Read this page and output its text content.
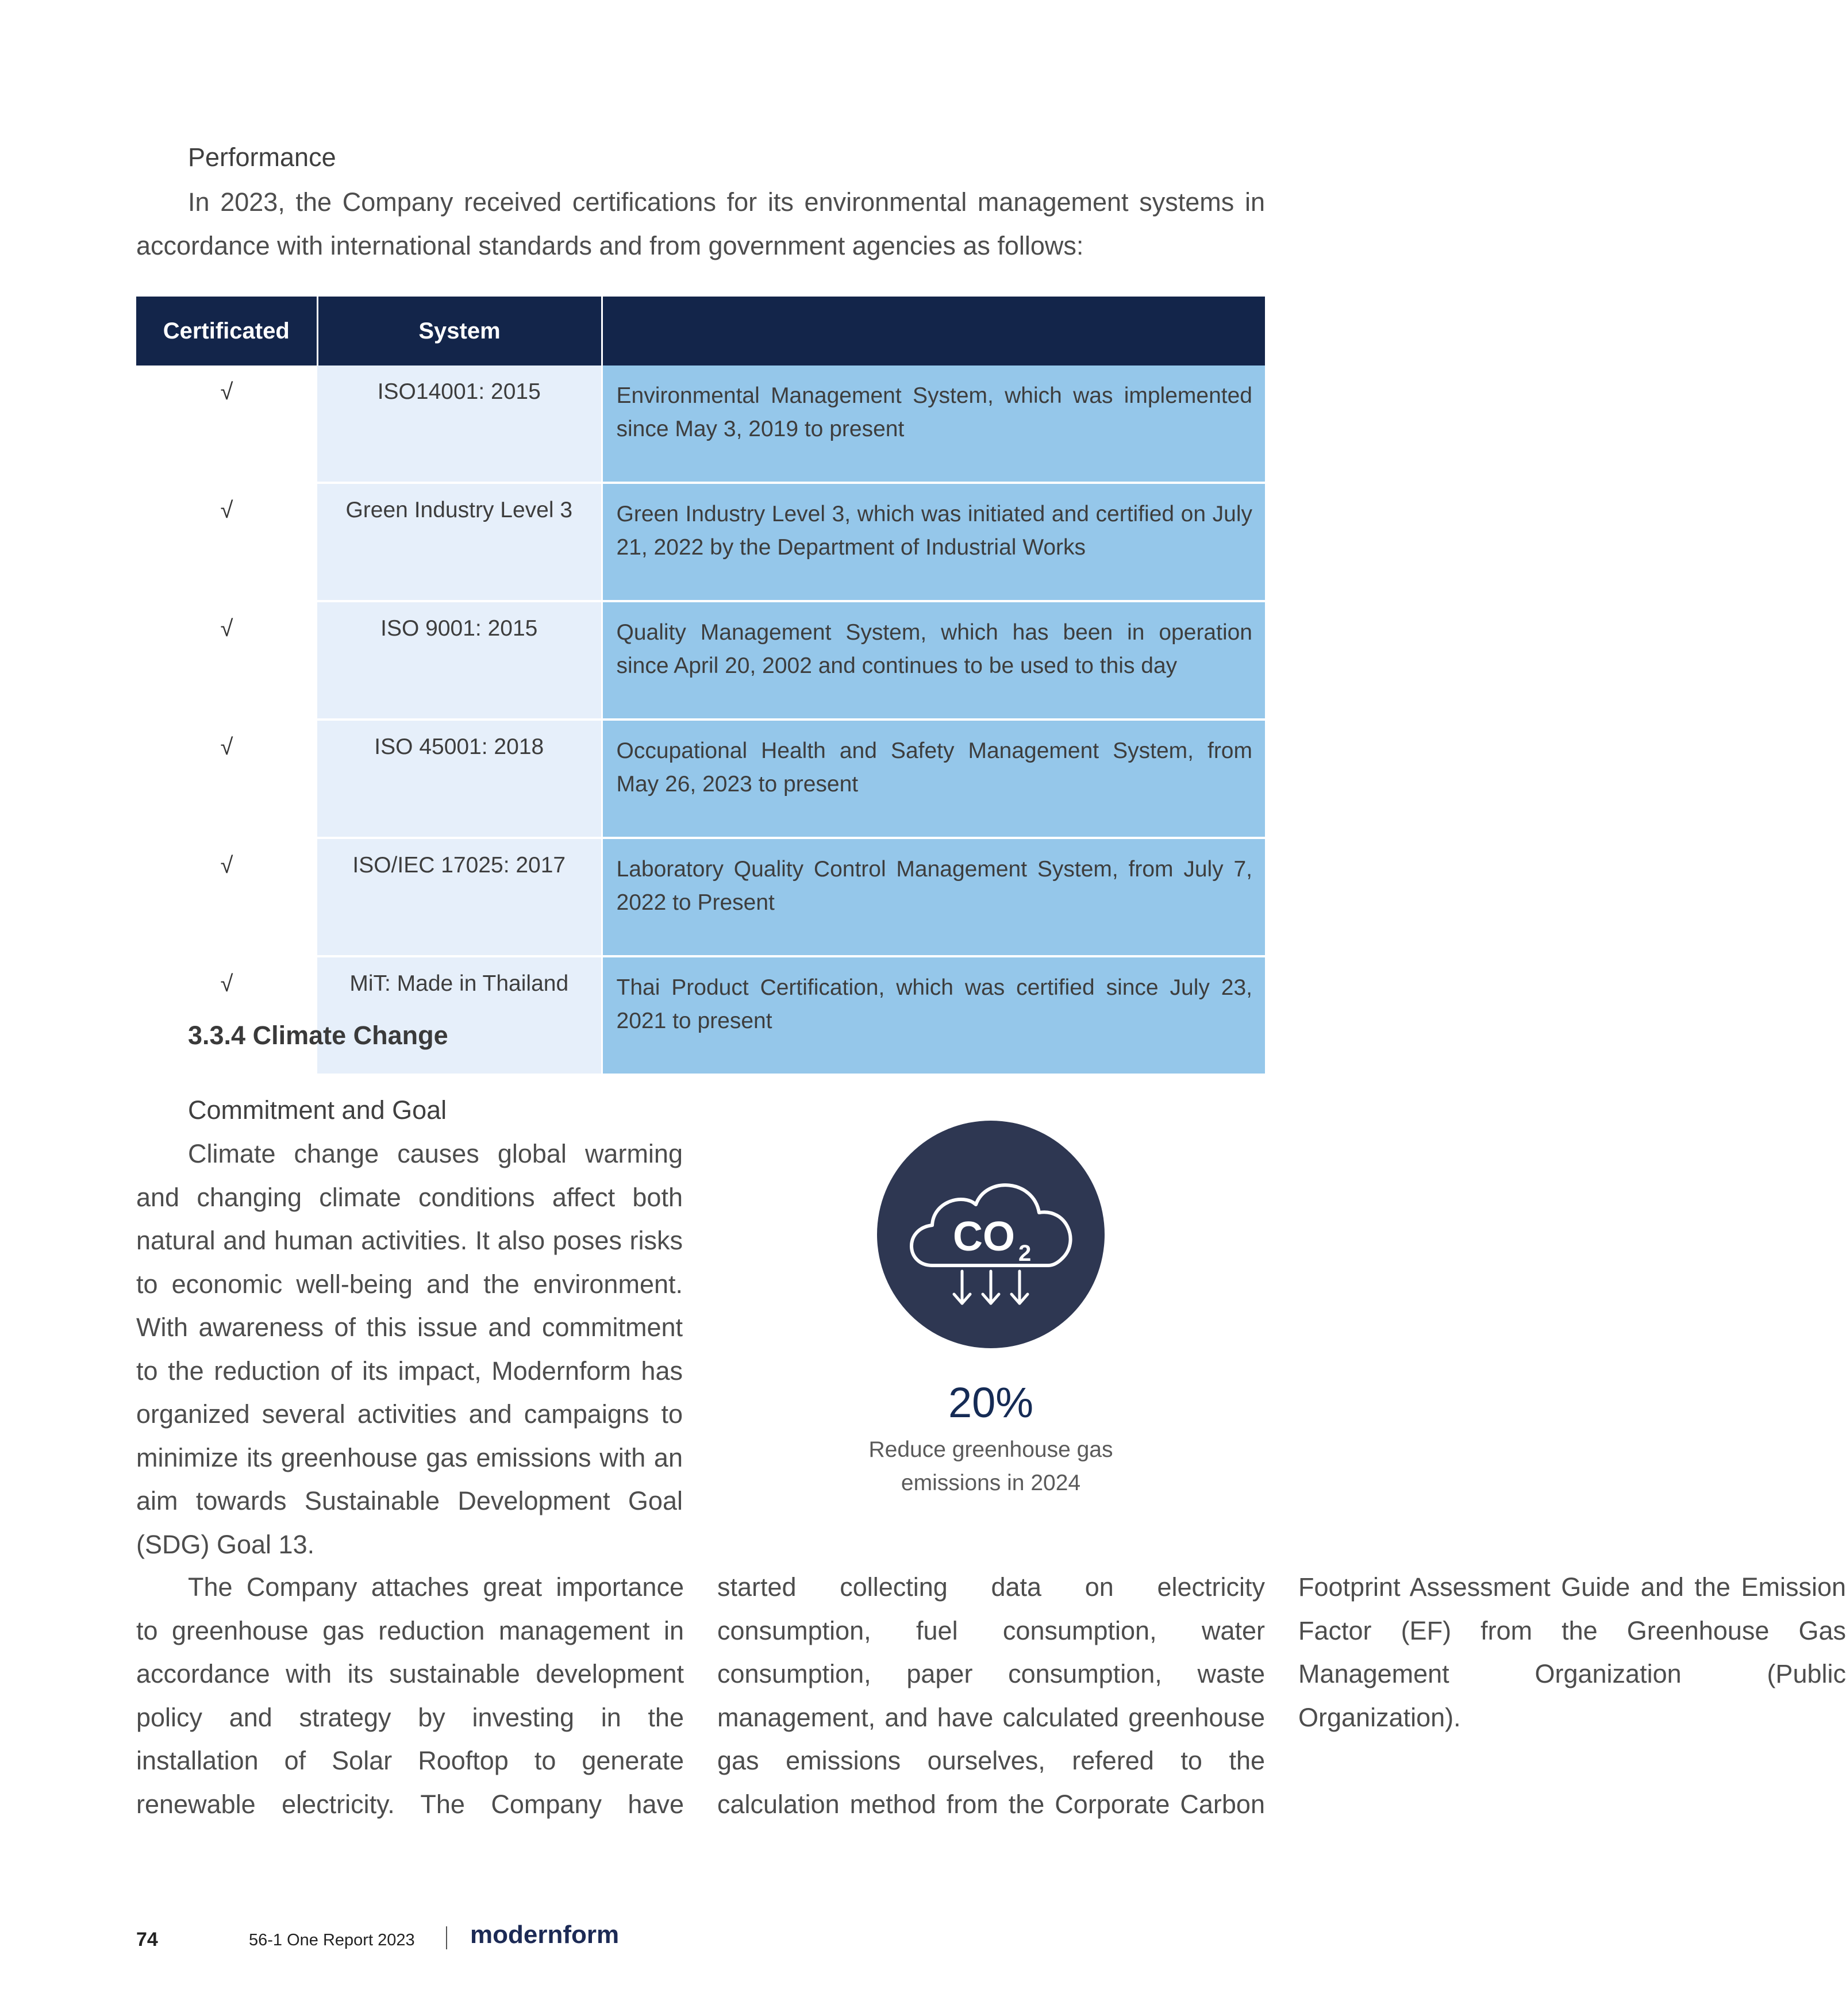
Performance

In 2023, the Company received certifications for its environmental management systems in accordance with international standards and from government agencies as follows:

Certificated	System	
√	ISO14001: 2015	Environmental Management System, which was implemented since May 3, 2019 to present
√	Green Industry Level 3	Green Industry Level 3, which was initiated and certified on July 21, 2022 by the Department of Industrial Works
√	ISO 9001: 2015	Quality Management System, which has been in operation since April 20, 2002 and continues to be used to this day
√	ISO 45001: 2018	Occupational Health and Safety Management System, from May 26, 2023 to present
√	ISO/IEC 17025: 2017	Laboratory Quality Control Management System, from July 7, 2022 to Present
√	MiT: Made in Thailand	Thai Product Certification, which was certified since July 23, 2021 to present
3.3.4 Climate Change
Commitment and Goal

Climate change causes global warming and changing climate conditions affect both natural and human activities. It also poses risks to economic well-being and the environment. With awareness of this issue and commitment to the reduction of its impact, Modernform has organized several activities and campaigns to minimize its greenhouse gas emissions with an aim towards Sustainable Development Goal (SDG) Goal 13.

CO 2
20%
Reduce greenhouse gas
emissions in 2024

The Company attaches great importance to greenhouse gas reduction management in accordance with its sustainable development policy and strategy by investing in the installation of Solar Rooftop to generate renewable electricity. The Company have started collecting data on electricity consumption, fuel consumption, water consumption, paper consumption, waste management, and have calculated greenhouse gas emissions ourselves, refered to the calculation method from the Corporate Carbon Footprint Assessment Guide and the Emission Factor (EF) from the Greenhouse Gas Management Organization (Public Organization).

74	56-1 One Report 2023 modernform
